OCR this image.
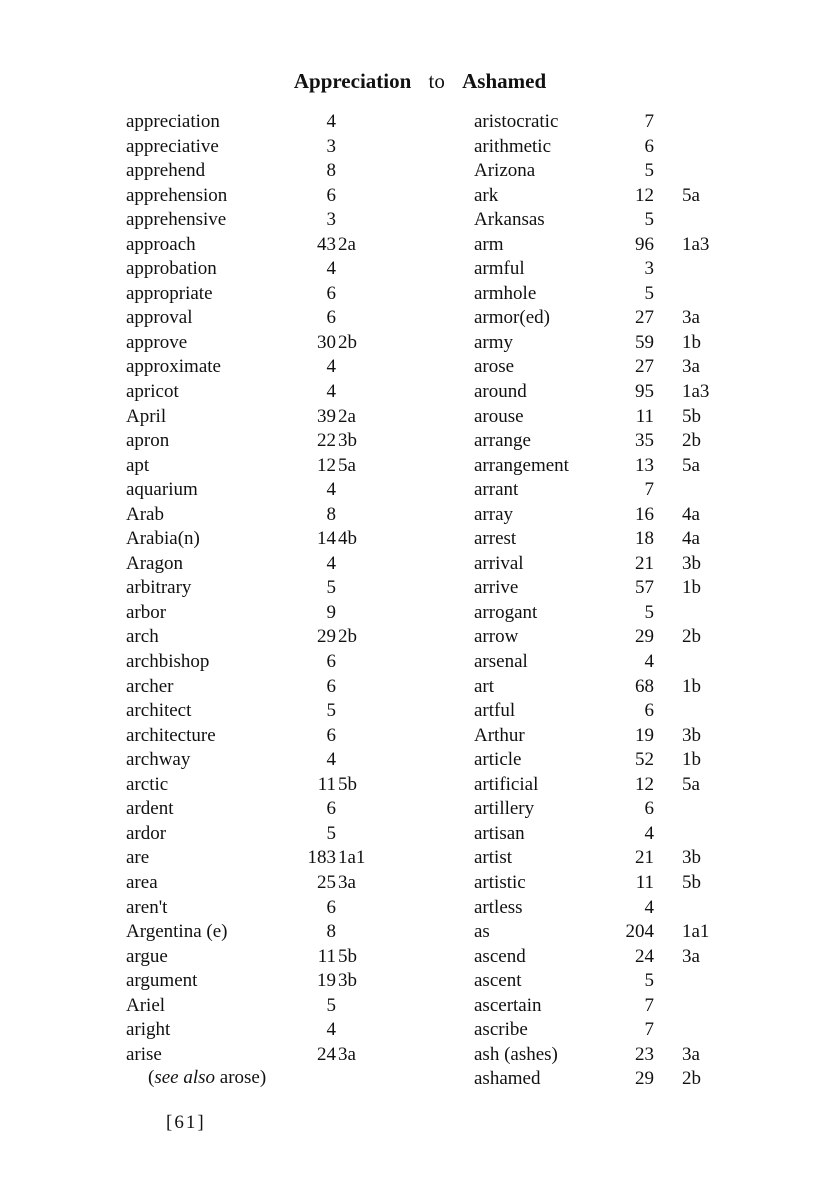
Appreciation to Ashamed
appreciation	4
appreciative	3
apprehend	8
apprehension	6
apprehensive	3
approach	43 2a
approbation	4
appropriate	6
approval	6
approve	30 2b
approximate	4
apricot	4
April	39 2a
apron	22 3b
apt	12 5a
aquarium	4
Arab	8
Arabia(n)	14 4b
Aragon	4
arbitrary	5
arbor	9
arch	29 2b
archbishop	6
archer	6
architect	5
architecture	6
archway	4
arctic	11 5b
ardent	6
ardor	5
are	183 1a1
area	25 3a
aren't	6
Argentina (e)	8
argue	11 5b
argument	19 3b
Ariel	5
aright	4
arise	24 3a
aristocratic	7
arithmetic	6
Arizona	5
ark	12 5a
Arkansas	5
arm	96 1a3
armful	3
armhole	5
armor(ed)	27 3a
army	59 1b
arose	27 3a
around	95 1a3
arouse	11 5b
arrange	35 2b
arrangement	13 5a
arrant	7
array	16 4a
arrest	18 4a
arrival	21 3b
arrive	57 1b
arrogant	5
arrow	29 2b
arsenal	4
art	68 1b
artful	6
Arthur	19 3b
article	52 1b
artificial	12 5a
artillery	6
artisan	4
artist	21 3b
artistic	11 5b
artless	4
as	204 1a1
ascend	24 3a
ascent	5
ascertain	7
ascribe	7
ash (ashes)	23 3a
ashamed	29 2b
(see also arose)
[61]
